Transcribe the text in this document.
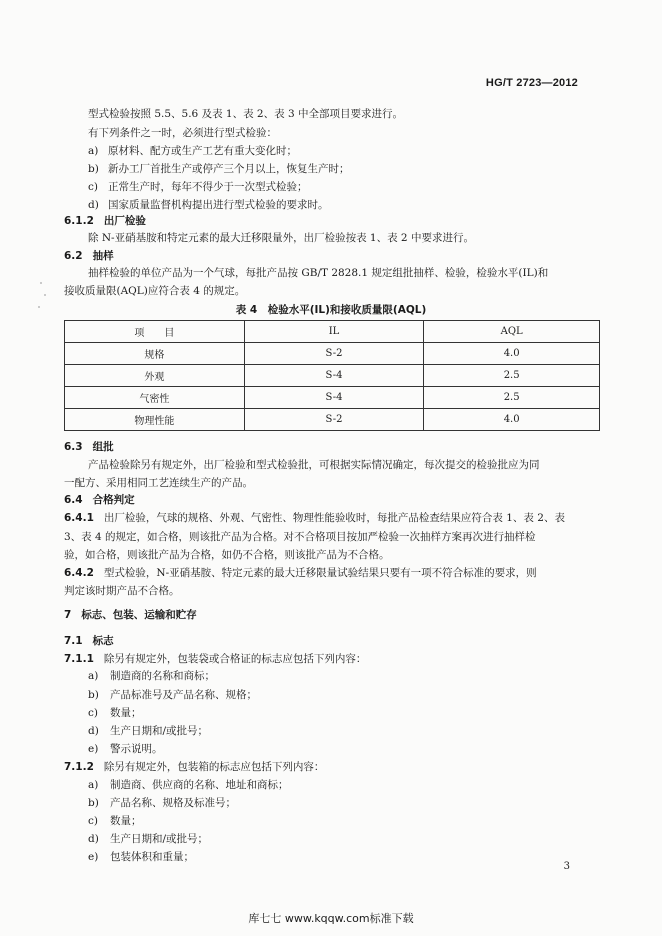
HG/T 2723—2012
型式检验按照 5.5、5.6 及表 1、表 2、表 3 中全部项目要求进行。
有下列条件之一时，必须进行型式检验：
a) 原材料、配方或生产工艺有重大变化时；
b) 新办工厂首批生产或停产三个月以上，恢复生产时；
c) 正常生产时，每年不得少于一次型式检验；
d) 国家质量监督机构提出进行型式检验的要求时。
6.1.2 出厂检验
除 N-亚硝基胺和特定元素的最大迁移限量外，出厂检验按表 1、表 2 中要求进行。
6.2 抽样
抽样检验的单位产品为一个气球，每批产品按 GB/T 2828.1 规定组批抽样、检验，检验水平(IL)和
接收质量限(AQL)应符合表 4 的规定。
表 4　检验水平(IL)和接收质量限(AQL)
项　　目	IL	AQL
规格	S-2	4.0
外观	S-4	2.5
气密性	S-4	2.5
物理性能	S-2	4.0
6.3 组批
产品检验除另有规定外，出厂检验和型式检验批，可根据实际情况确定，每次提交的检验批应为同
一配方、采用相同工艺连续生产的产品。
6.4 合格判定
6.4.1 出厂检验，气球的规格、外观、气密性、物理性能验收时，每批产品检查结果应符合表 1、表 2、表
3、表 4 的规定，如合格，则该批产品为合格。对不合格项目按加严检验一次抽样方案再次进行抽样检
验，如合格，则该批产品为合格，如仍不合格，则该批产品为不合格。
6.4.2 型式检验，N-亚硝基胺、特定元素的最大迁移限量试验结果只要有一项不符合标准的要求，则
判定该时期产品不合格。
7 标志、包装、运输和贮存
7.1 标志
7.1.1 除另有规定外，包装袋或合格证的标志应包括下列内容：
a) 制造商的名称和商标；
b) 产品标准号及产品名称、规格；
c) 数量；
d) 生产日期和/或批号；
e) 警示说明。
7.1.2 除另有规定外，包装箱的标志应包括下列内容：
a) 制造商、供应商的名称、地址和商标；
b) 产品名称、规格及标准号；
c) 数量；
d) 生产日期和/或批号；
e) 包装体积和重量；
3
库七七 www.kqqw.com标准下载
